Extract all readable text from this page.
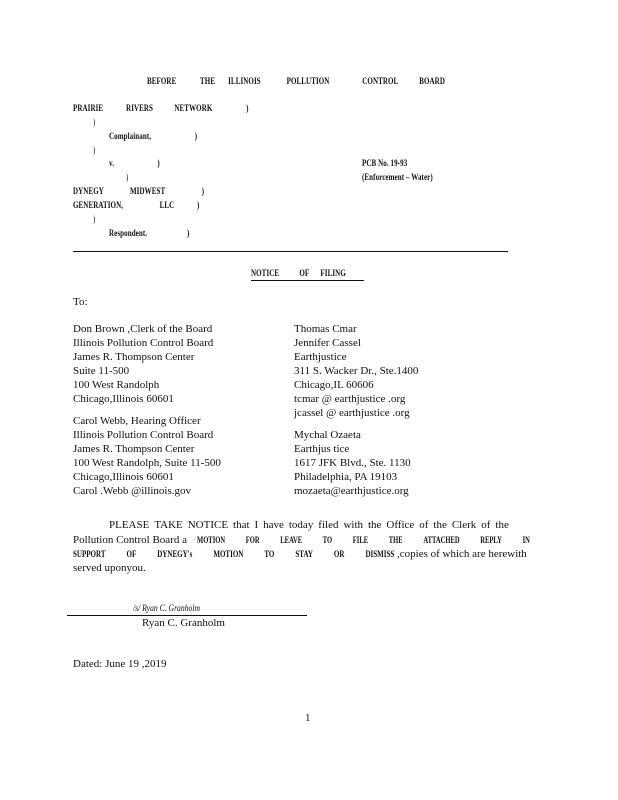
BEFORE	THE ILLINOIS	POLLUTION	CONTROL BOARD
PRAIRIE	RIVERS NETWORK	)
)
Complainant,	)
)
v.	)
)
PCB No. 19-93
(Enforcement – Water)
DYNEGY	MIDWEST	)
GENERATION,	LLC	)
)
Respondent.	)
NOTICE OF FILING
To:
Don Brown ,Clerk of the Board
Illinois Pollution Control Board
James R. Thompson Center
Suite 11-500
100 West Randolph
Chicago,Illinois 60601
Carol Webb, Hearing Officer
Illinois Pollution Control Board
James R. Thompson Center
100 West Randolph, Suite 11-500
Chicago,Illinois 60601
Carol .Webb @illinois.gov
Thomas Cmar
Jennifer Cassel
Earthjustice
311 S. Wacker Dr., Ste.1400
Chicago,IL 60606
tcmar @ earthjustice .org
jcassel @ earthjustice .org
Mychal Ozaeta
Earthjus tice
1617 JFK Blvd., Ste. 1130
Philadelphia, PA 19103
mozaeta@earthjustice.org
PLEASE TAKE NOTICE that I have today filed with the Office of the Clerk of the
Pollution Control Board a MOTION FOR LEAVE TO FILE THE ATTACHED REPLY IN
SUPPORT OF DYNEGY's MOTION TO STAY OR DISMISS ,copies of which are herewith
served uponyou.
/s/ Ryan C. Granholm
Ryan C. Granholm
Dated: June 19 ,2019
1
